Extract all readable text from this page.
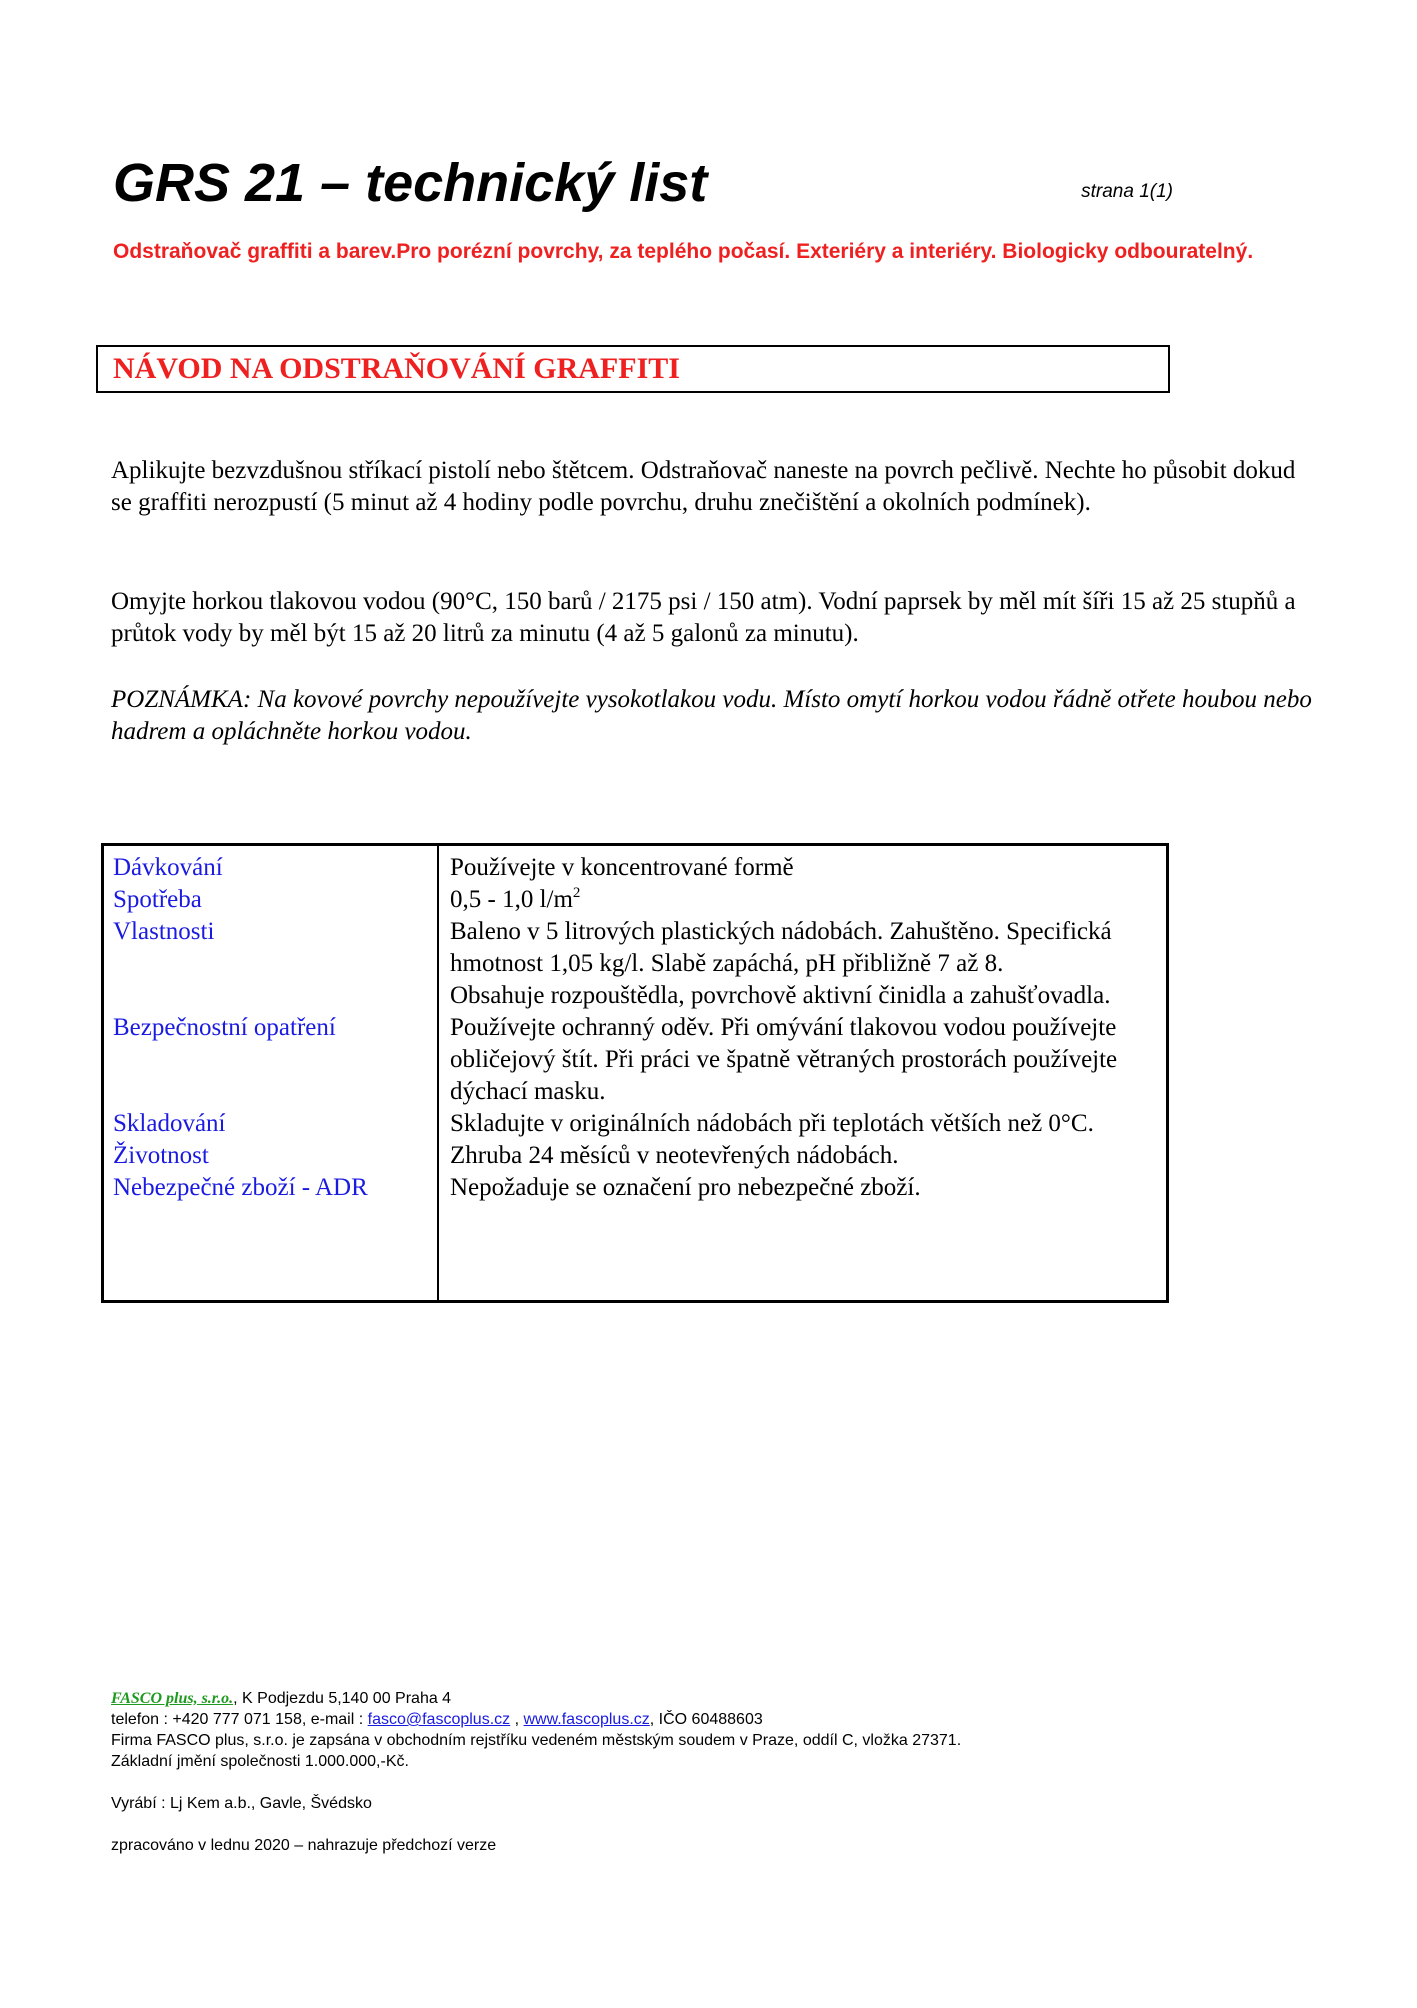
GRS 21 – technický list	strana 1(1)

Odstraňovač graffiti a barev.Pro porézní povrchy, za teplého počasí. Exteriéry a interiéry. Biologicky odbouratelný.

NÁVOD NA ODSTRAŇOVÁNÍ GRAFFITI

Aplikujte bezvzdušnou stříkací pistolí nebo štětcem. Odstraňovač naneste na povrch pečlivě. Nechte ho působit dokud se graffiti nerozpustí (5 minut až 4 hodiny podle povrchu, druhu znečištění a okolních podmínek).

Omyjte horkou tlakovou vodou (90°C, 150 barů / 2175 psi / 150 atm). Vodní paprsek by měl mít šíři 15 až 25 stupňů a průtok vody by měl být 15 až 20 litrů za minutu (4 až 5 galonů za minutu).

POZNÁMKA: Na kovové povrchy nepoužívejte vysokotlakou vodu. Místo omytí horkou vodou řádně otřete houbou nebo hadrem a opláchněte horkou vodou.

Dávkování	Používejte v koncentrované formě
Spotřeba	0,5 - 1,0 $l/m^2$
Vlastnosti	Baleno v 5 litrových plastických nádobách. Zahuštěno. Specifická hmotnost 1,05 kg/l. Slabě zapáchá, pH přibližně 7 až 8.

Obsahuje rozpouštědla, povrchově aktivní činidla a zahušťovadla.

Bezpečnostní opatření	Používejte ochranný oděv. Při omývání tlakovou vodou používejte obličejový štít. Při práci ve špatně větraných prostorách používejte dýchací masku.
Skladování	Skladujte v originálních nádobách při teplotách větších než 0°C.
Životnost	Zhruba 24 měsíců v neotevřených nádobách.
Nebezpečné zboží - ADR	Nepožaduje se označení pro nebezpečné zboží.

FASCO plus, s.r.o., K Podjezdu 5,140 00 Praha 4

telefon : +420 777 071 158, e-mail : fasco@fascoplus.cz , www.fascoplus.cz, IČO 60488603

Firma FASCO plus, s.r.o. je zapsána v obchodním rejstříku vedeném městským soudem v Praze, oddíl C, vložka 27371.

Základní jmění společnosti 1.000.000,-Kč.

Vyrábí : Lj Kem a.b., Gavle, Švédsko

zpracováno v lednu 2020 – nahrazuje předchozí verze
